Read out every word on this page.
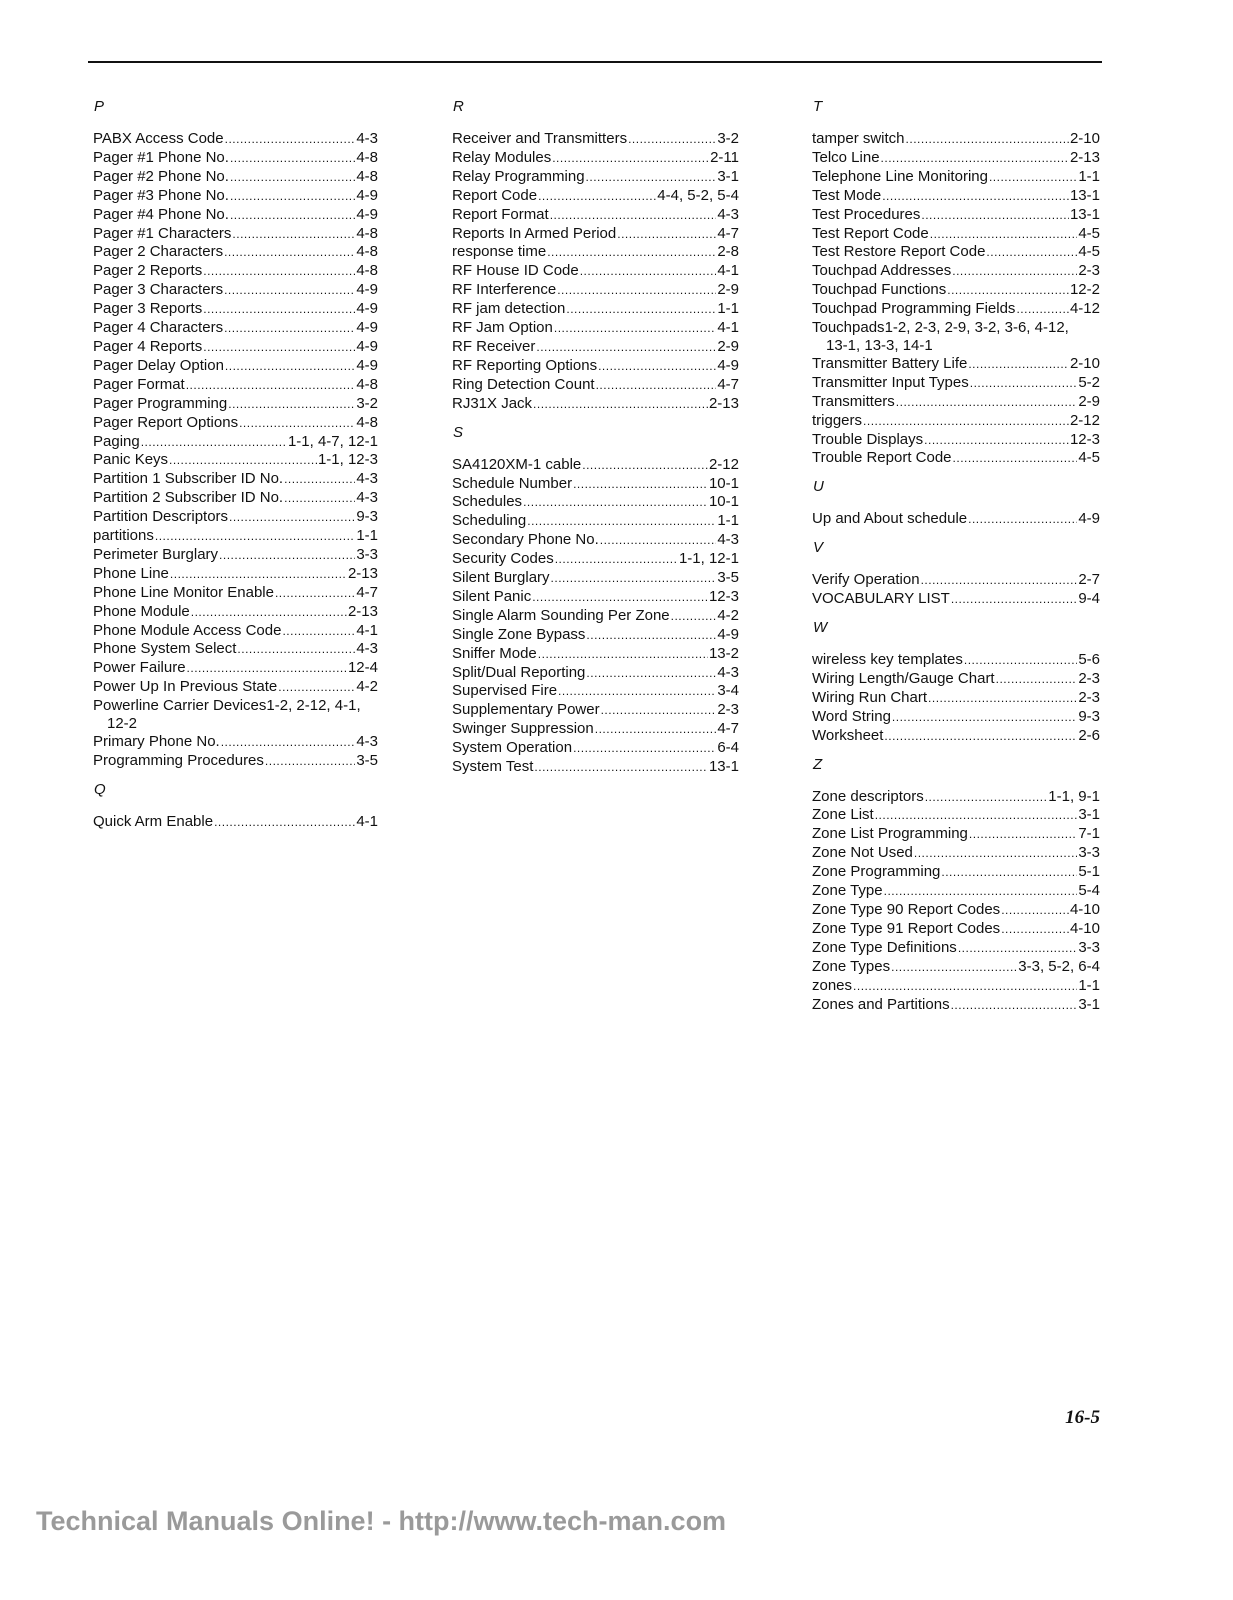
P
PABX Access Code .....	4-3
Pager #1 Phone No. .....	4-8
Pager #2 Phone No. .....	4-8
Pager #3 Phone No. .....	4-9
Pager #4 Phone No. .....	4-9
Pager #1 Characters .....	4-8
Pager 2 Characters .....	4-8
Pager 2 Reports .....	4-8
Pager 3 Characters .....	4-9
Pager 3 Reports .....	4-9
Pager 4 Characters .....	4-9
Pager 4 Reports .....	4-9
Pager Delay Option .....	4-9
Pager Format .....	4-8
Pager Programming .....	3-2
Pager Report Options .....	4-8
Paging .....	1-1, 4-7, 12-1
Panic Keys .....	1-1, 12-3
Partition 1 Subscriber ID No. .....	4-3
Partition 2 Subscriber ID No. .....	4-3
Partition Descriptors .....	9-3
partitions .....	1-1
Perimeter Burglary .....	3-3
Phone Line .....	2-13
Phone Line Monitor Enable .....	4-7
Phone Module .....	2-13
Phone Module Access Code .....	4-1
Phone System Select .....	4-3
Power Failure .....	12-4
Power Up In Previous State .....	4-2
Powerline Carrier Devices1-2, 2-12, 4-1,
12-2
Primary Phone No. .....	4-3
Programming Procedures .....	3-5
Q
Quick Arm Enable .....	4-1
R
Receiver and Transmitters .....	3-2
Relay Modules .....	2-11
Relay Programming .....	3-1
Report Code .....	4-4, 5-2, 5-4
Report Format .....	4-3
Reports In Armed Period .....	4-7
response time .....	2-8
RF House ID Code .....	4-1
RF Interference .....	2-9
RF jam detection .....	1-1
RF Jam Option .....	4-1
RF Receiver .....	2-9
RF Reporting Options .....	4-9
Ring Detection Count .....	4-7
RJ31X Jack .....	2-13
S
SA4120XM-1 cable .....	2-12
Schedule Number .....	10-1
Schedules .....	10-1
Scheduling .....	1-1
Secondary Phone No. .....	4-3
Security Codes .....	1-1, 12-1
Silent Burglary .....	3-5
Silent Panic .....	12-3
Single Alarm Sounding Per Zone .....	4-2
Single Zone Bypass .....	4-9
Sniffer Mode .....	13-2
Split/Dual Reporting .....	4-3
Supervised Fire .....	3-4
Supplementary Power .....	2-3
Swinger Suppression .....	4-7
System Operation .....	6-4
System Test .....	13-1
T
tamper switch .....	2-10
Telco Line .....	2-13
Telephone Line Monitoring .....	1-1
Test Mode .....	13-1
Test Procedures .....	13-1
Test Report Code .....	4-5
Test Restore Report Code .....	4-5
Touchpad Addresses .....	2-3
Touchpad Functions .....	12-2
Touchpad Programming Fields .....	4-12
Touchpads1-2, 2-3, 2-9, 3-2, 3-6, 4-12,
13-1, 13-3, 14-1
Transmitter Battery Life .....	2-10
Transmitter Input Types .....	5-2
Transmitters .....	2-9
triggers .....	2-12
Trouble Displays .....	12-3
Trouble Report Code .....	4-5
U
Up and About schedule .....	4-9
V
Verify Operation .....	2-7
VOCABULARY LIST .....	9-4
W
wireless key templates .....	5-6
Wiring Length/Gauge Chart .....	2-3
Wiring Run Chart .....	2-3
Word String .....	9-3
Worksheet .....	2-6
Z
Zone descriptors .....	1-1, 9-1
Zone List .....	3-1
Zone List Programming .....	7-1
Zone Not Used .....	3-3
Zone Programming .....	5-1
Zone Type .....	5-4
Zone Type 90 Report Codes .....	4-10
Zone Type 91 Report Codes .....	4-10
Zone Type Definitions .....	3-3
Zone Types .....	3-3, 5-2, 6-4
zones .....	1-1
Zones and Partitions .....	3-1
16-5
Technical Manuals Online! - http://www.tech-man.com
